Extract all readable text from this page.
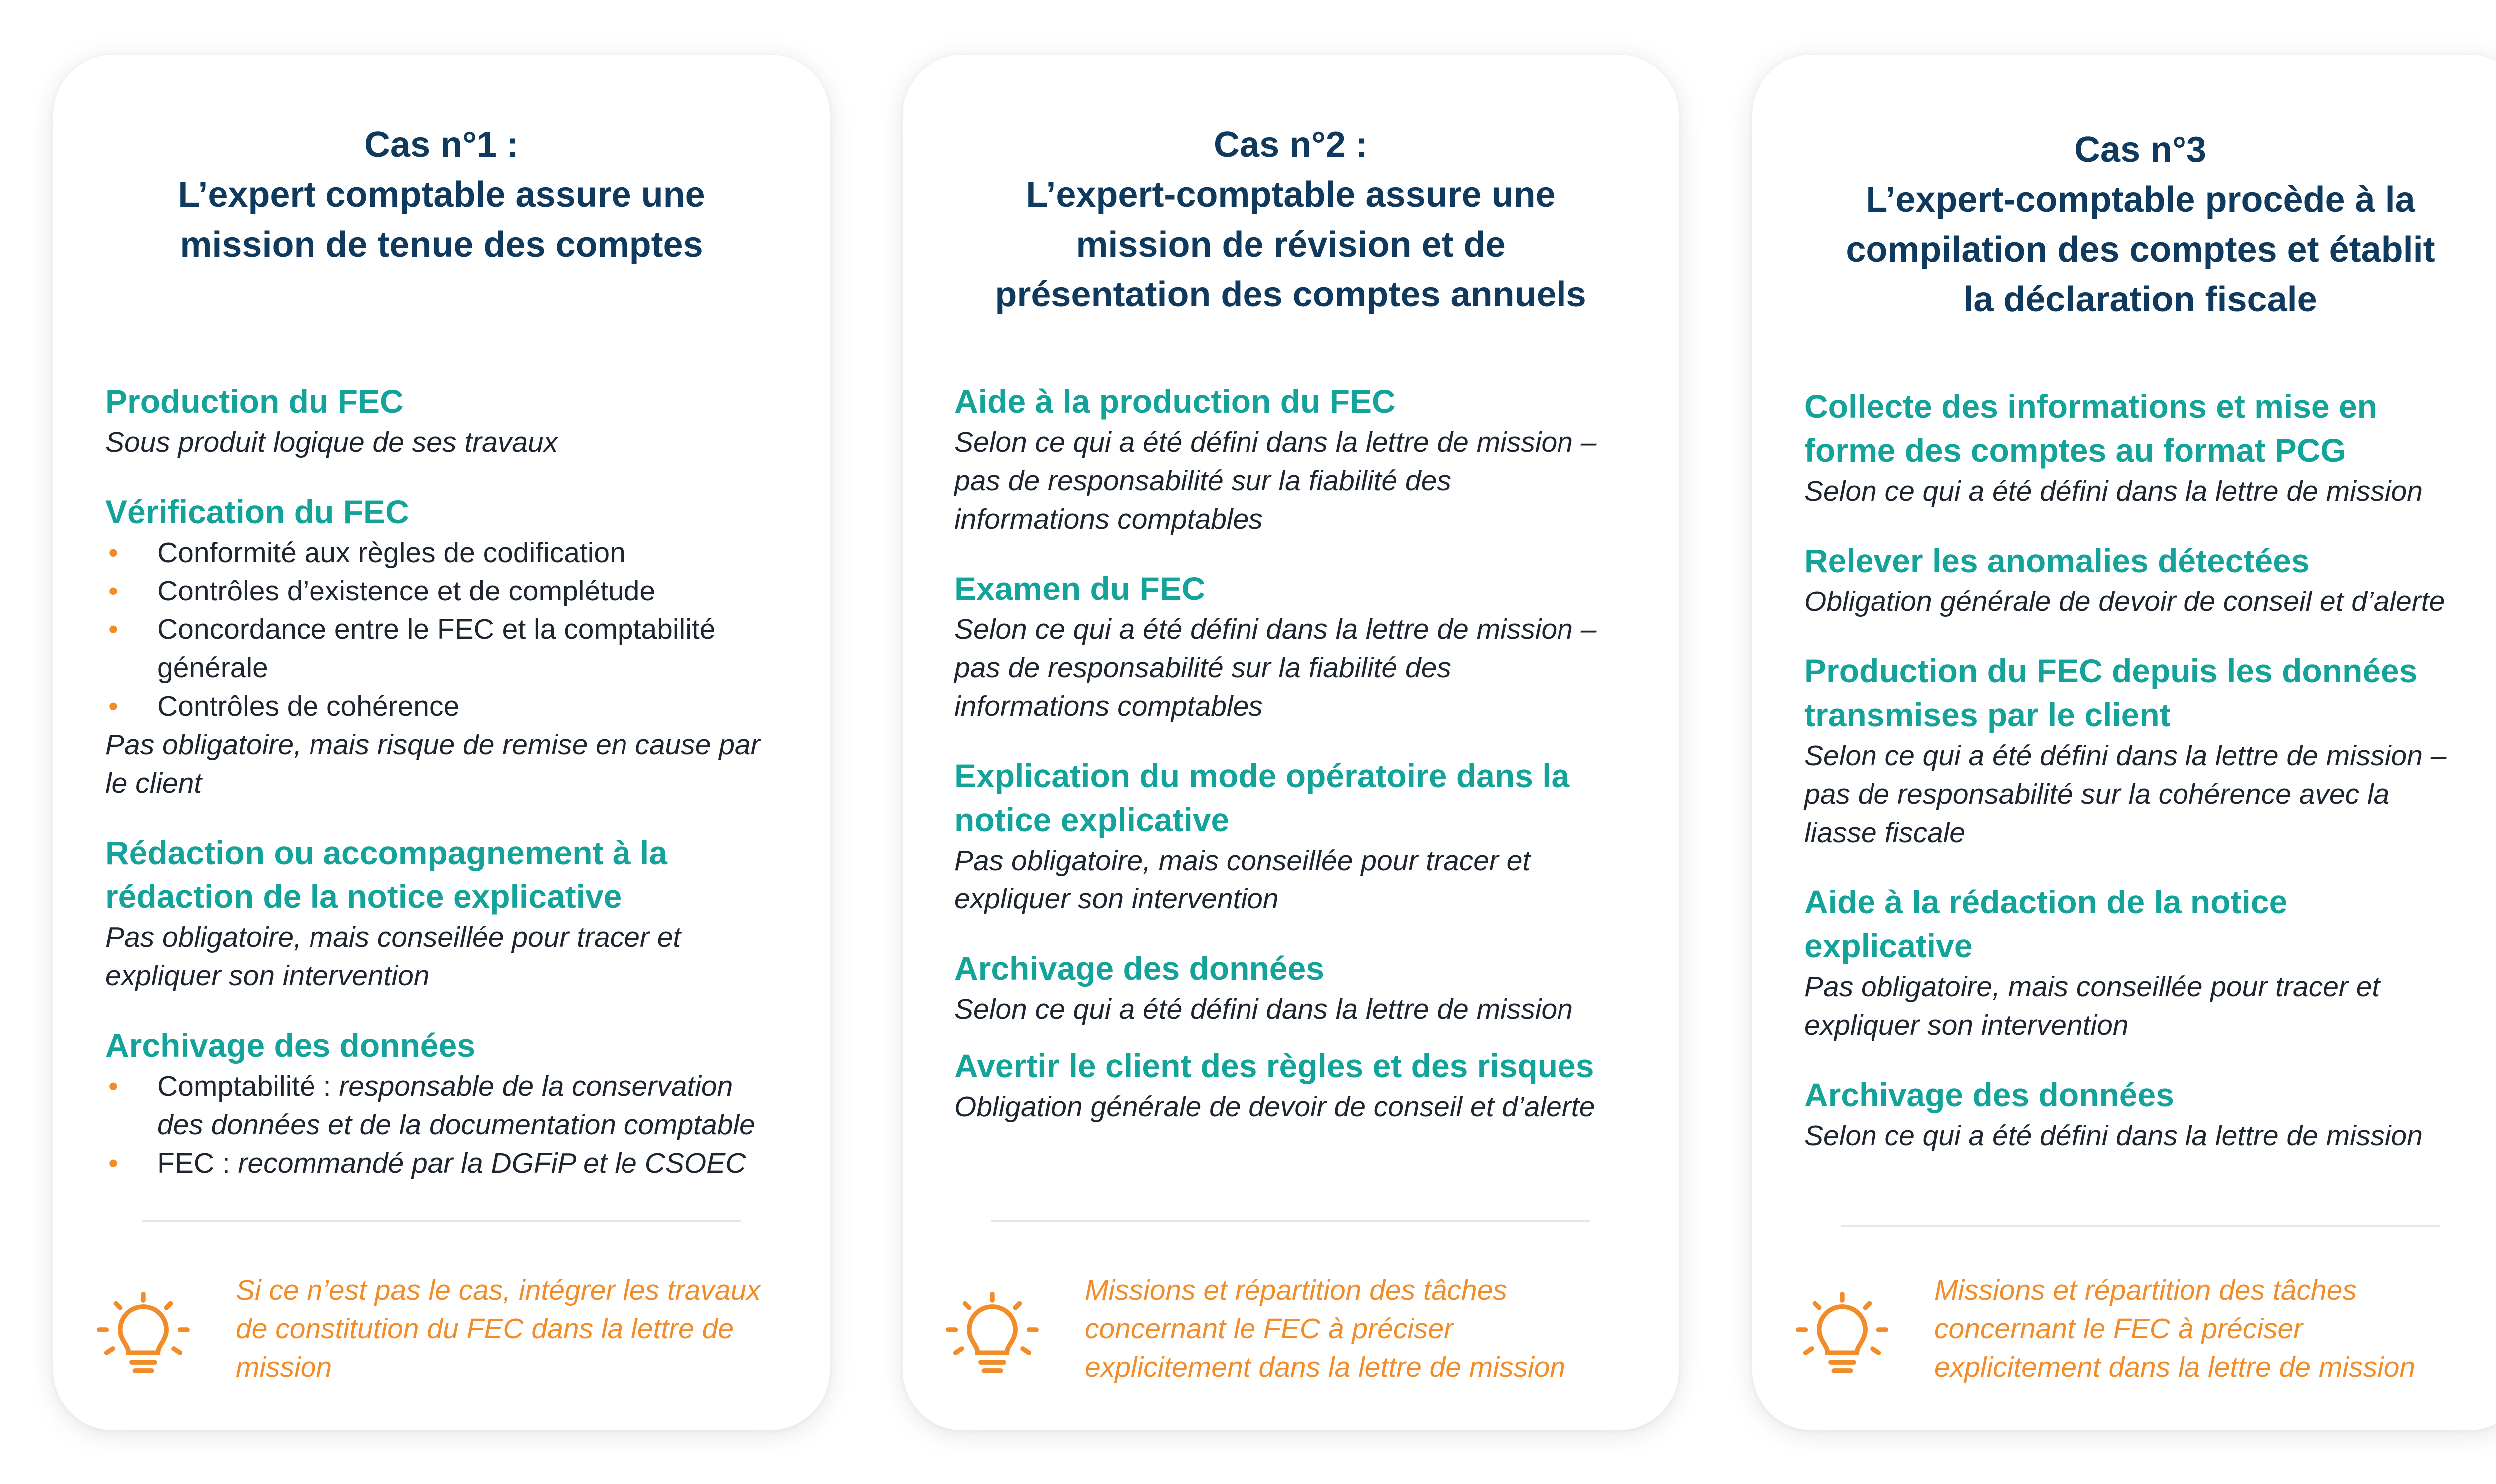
Cas n°1 :
L’expert comptable assure une
mission de tenue des comptes
Production du FEC
Sous produit logique de ses travaux
Vérification du FEC
• Conformité aux règles de codification
• Contrôles d’existence et de complétude
• Concordance entre le FEC et la comptabilité
générale
• Contrôles de cohérence
Pas obligatoire, mais risque de remise en cause par
le client
Rédaction ou accompagnement à la
rédaction de la notice explicative
Pas obligatoire, mais conseillée pour tracer et
expliquer son intervention
Archivage des données
• Comptabilité : responsable de la conservation
des données et de la documentation comptable
• FEC : recommandé par la DGFiP et le CSOEC
Si ce n’est pas le cas, intégrer les travaux
de constitution du FEC dans la lettre de
mission
Cas n°2 :
L’expert-comptable assure une
mission de révision et de
présentation des comptes annuels
Aide à la production du FEC
Selon ce qui a été défini dans la lettre de mission –
pas de responsabilité sur la fiabilité des
informations comptables
Examen du FEC
Selon ce qui a été défini dans la lettre de mission –
pas de responsabilité sur la fiabilité des
informations comptables
Explication du mode opératoire dans la
notice explicative
Pas obligatoire, mais conseillée pour tracer et
expliquer son intervention
Archivage des données
Selon ce qui a été défini dans la lettre de mission
Avertir le client des règles et des risques
Obligation générale de devoir de conseil et d’alerte
Missions et répartition des tâches
concernant le FEC à préciser
explicitement dans la lettre de mission
Cas n°3
L’expert-comptable procède à la
compilation des comptes et établit
la déclaration fiscale
Collecte des informations et mise en
forme des comptes au format PCG
Selon ce qui a été défini dans la lettre de mission
Relever les anomalies détectées
Obligation générale de devoir de conseil et d’alerte
Production du FEC depuis les données
transmises par le client
Selon ce qui a été défini dans la lettre de mission –
pas de responsabilité sur la cohérence avec la
liasse fiscale
Aide à la rédaction de la notice
explicative
Pas obligatoire, mais conseillée pour tracer et
expliquer son intervention
Archivage des données
Selon ce qui a été défini dans la lettre de mission
Missions et répartition des tâches
concernant le FEC à préciser
explicitement dans la lettre de mission
